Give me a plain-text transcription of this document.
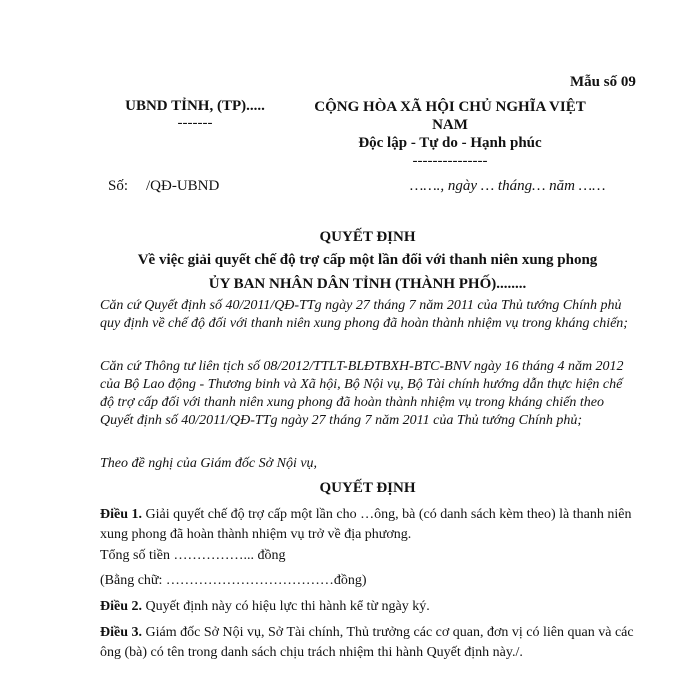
Mẫu số 09
UBND TỈNH, (TP).....
-------
CỘNG HÒA XÃ HỘI CHỦ NGHĨA VIỆT NAM
Độc lập - Tự do - Hạnh phúc
---------------
Số: /QĐ-UBND	……., ngày … tháng… năm ……
QUYẾT ĐỊNH
Về việc giải quyết chế độ trợ cấp một lần đối với thanh niên xung phong
ỦY BAN NHÂN DÂN TỈNH (THÀNH PHỐ)........
Căn cứ Quyết định số 40/2011/QĐ-TTg ngày 27 tháng 7 năm 2011 của Thủ tướng Chính phủ quy định về chế độ đối với thanh niên xung phong đã hoàn thành nhiệm vụ trong kháng chiến;
Căn cứ Thông tư liên tịch số 08/2012/TTLT-BLĐTBXH-BTC-BNV ngày 16 tháng 4 năm 2012 của Bộ Lao động - Thương binh và Xã hội, Bộ Nội vụ, Bộ Tài chính hướng dẫn thực hiện chế độ trợ cấp đối với thanh niên xung phong đã hoàn thành nhiệm vụ trong kháng chiến theo Quyết định số 40/2011/QĐ-TTg ngày 27 tháng 7 năm 2011 của Thủ tướng Chính phủ;
Theo đề nghị của Giám đốc Sở Nội vụ,
QUYẾT ĐỊNH
Điều 1. Giải quyết chế độ trợ cấp một lần cho …ông, bà (có danh sách kèm theo) là thanh niên xung phong đã hoàn thành nhiệm vụ trở về địa phương.
Tổng số tiền ……………... đồng
(Bằng chữ: ………………………………đồng)
Điều 2. Quyết định này có hiệu lực thi hành kể từ ngày ký.
Điều 3. Giám đốc Sở Nội vụ, Sở Tài chính, Thủ trưởng các cơ quan, đơn vị có liên quan và các ông (bà) có tên trong danh sách chịu trách nhiệm thi hành Quyết định này./.
